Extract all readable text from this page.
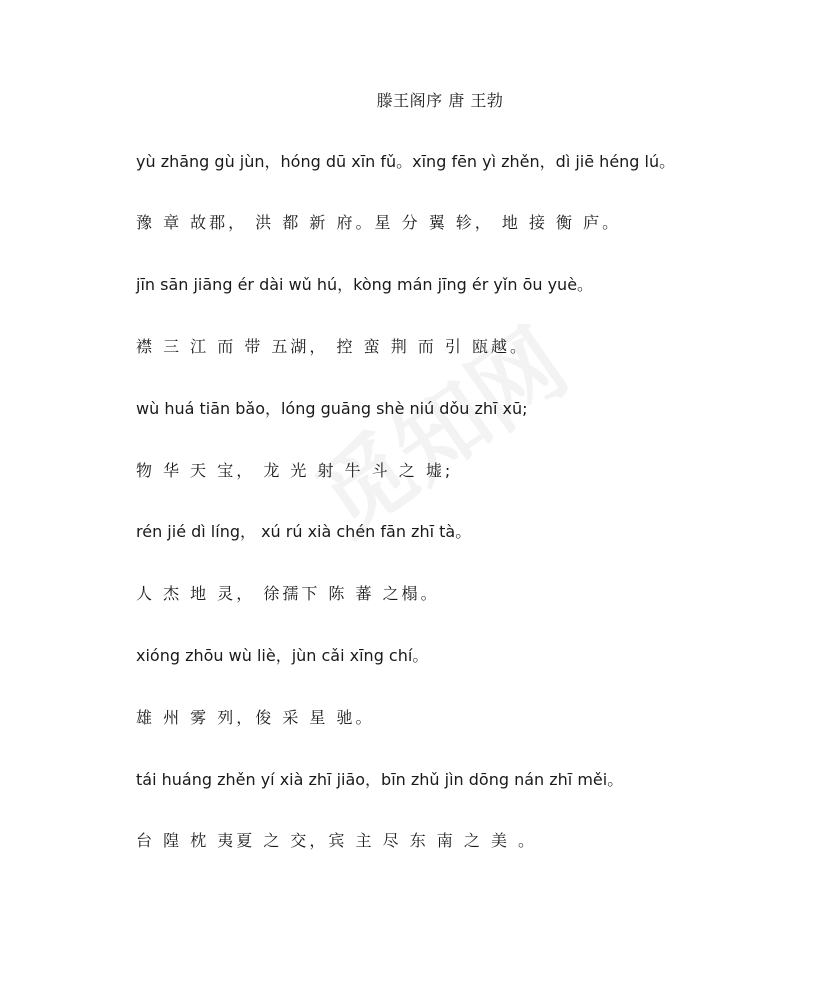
滕王阁序 唐 王勃
yù zhāng gù jùn，hóng dū xīn fǔ。xīng fēn yì zhěn，dì jiē héng lú。
豫 章 故郡， 洪 都 新 府。星 分 翼 轸， 地 接 衡 庐。
jīn sān jiāng ér dài wǔ hú，kòng mán jīng ér yǐn ōu yuè。
襟 三 江 而 带 五湖， 控 蛮 荆 而 引 瓯越。
wù huá tiān bǎo，lóng guāng shè niú dǒu zhī xū;
物 华 天 宝， 龙 光 射 牛 斗 之 墟;
rén jié dì líng， xú rú xià chén fān zhī tà。
人 杰 地 灵， 徐孺下 陈 蕃 之榻。
xióng zhōu wù liè，jùn cǎi xīng chí。
雄 州 雾 列，俊 采 星 驰。
tái huáng zhěn yí xià zhī jiāo，bīn zhǔ jìn dōng nán zhī měi。
台 隍 枕 夷夏 之 交，宾 主 尽 东 南 之 美 。
